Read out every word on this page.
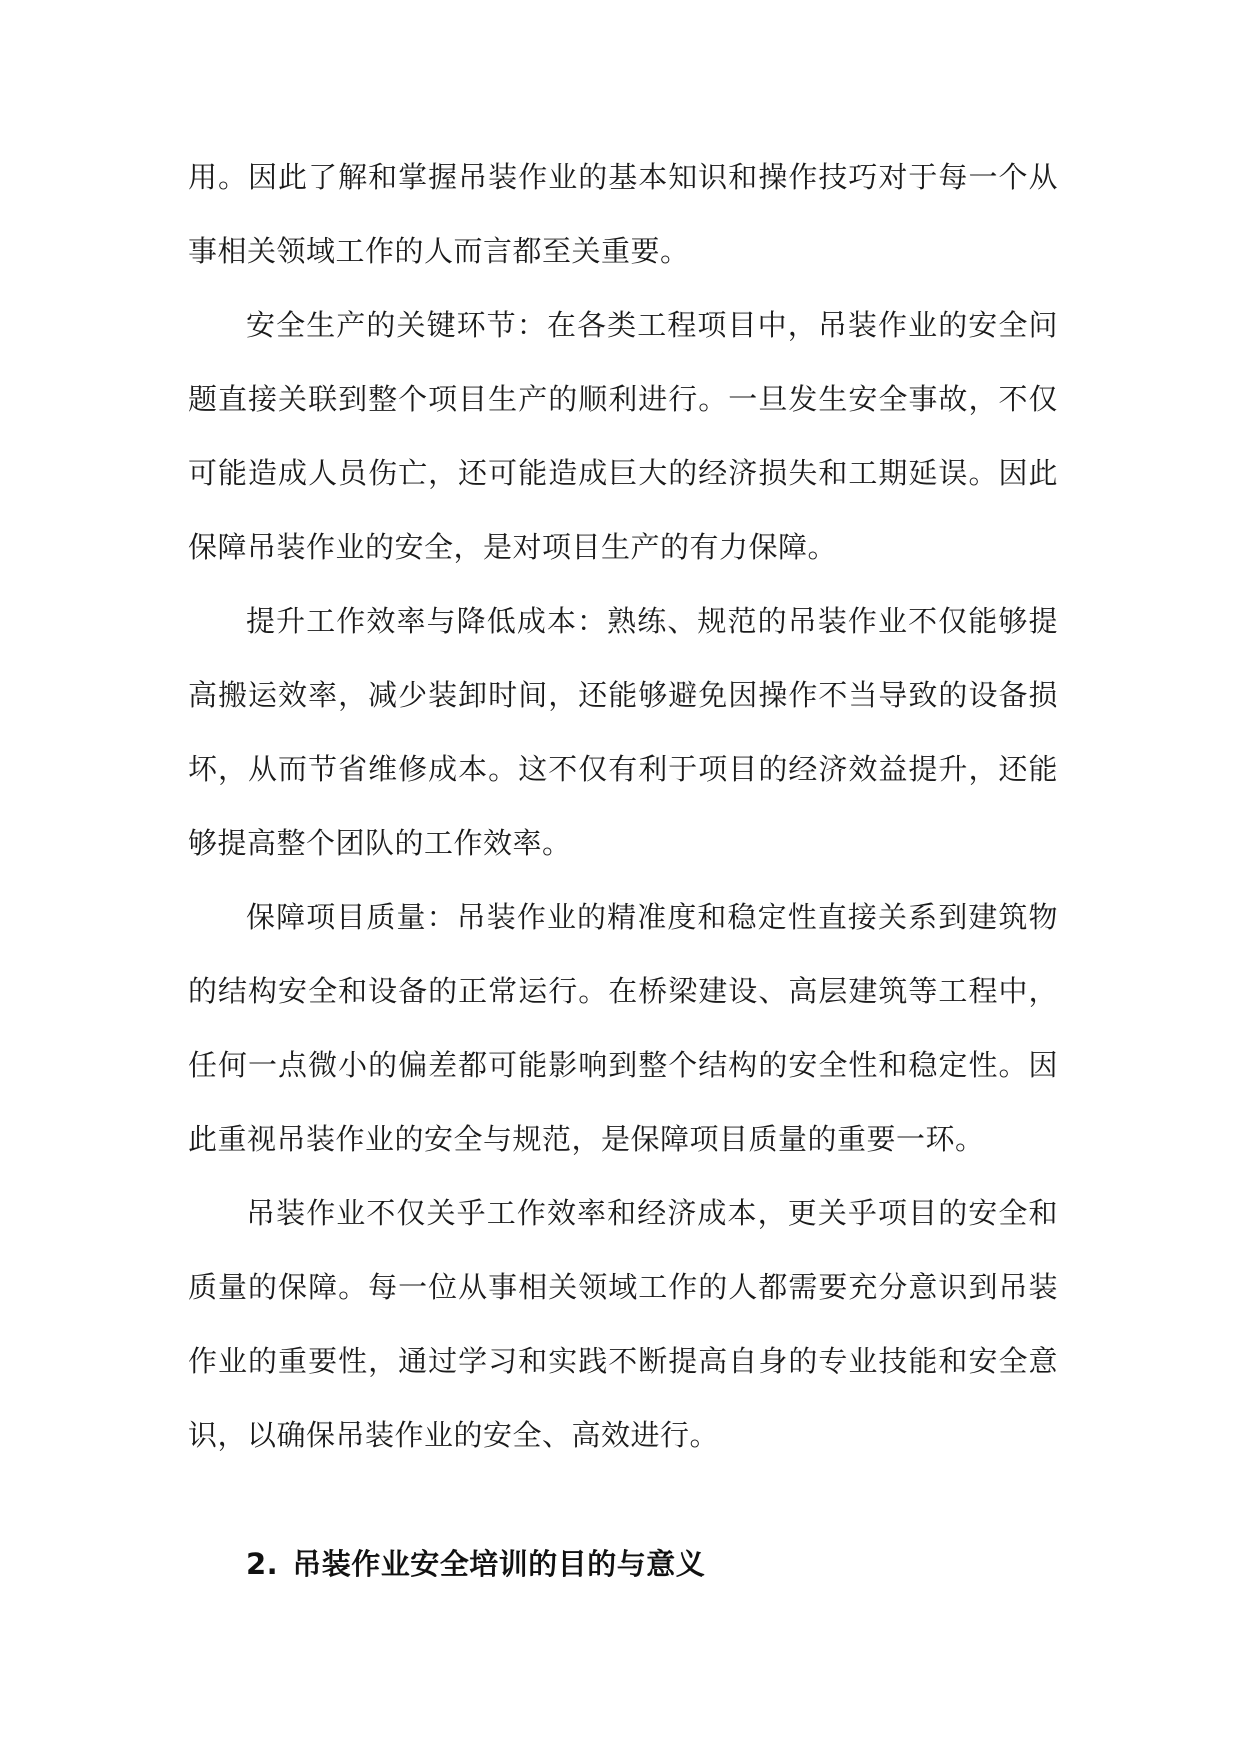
用。因此了解和掌握吊装作业的基本知识和操作技巧对于每一个从事相关领域工作的人而言都至关重要。

安全生产的关键环节：在各类工程项目中，吊装作业的安全问题直接关联到整个项目生产的顺利进行。一旦发生安全事故，不仅可能造成人员伤亡，还可能造成巨大的经济损失和工期延误。因此保障吊装作业的安全，是对项目生产的有力保障。

提升工作效率与降低成本：熟练、规范的吊装作业不仅能够提高搬运效率，减少装卸时间，还能够避免因操作不当导致的设备损坏，从而节省维修成本。这不仅有利于项目的经济效益提升，还能够提高整个团队的工作效率。

保障项目质量：吊装作业的精准度和稳定性直接关系到建筑物的结构安全和设备的正常运行。在桥梁建设、高层建筑等工程中，任何一点微小的偏差都可能影响到整个结构的安全性和稳定性。因此重视吊装作业的安全与规范，是保障项目质量的重要一环。

吊装作业不仅关乎工作效率和经济成本，更关乎项目的安全和质量的保障。每一位从事相关领域工作的人都需要充分意识到吊装作业的重要性，通过学习和实践不断提高自身的专业技能和安全意识，以确保吊装作业的安全、高效进行。

2. 吊装作业安全培训的目的与意义
